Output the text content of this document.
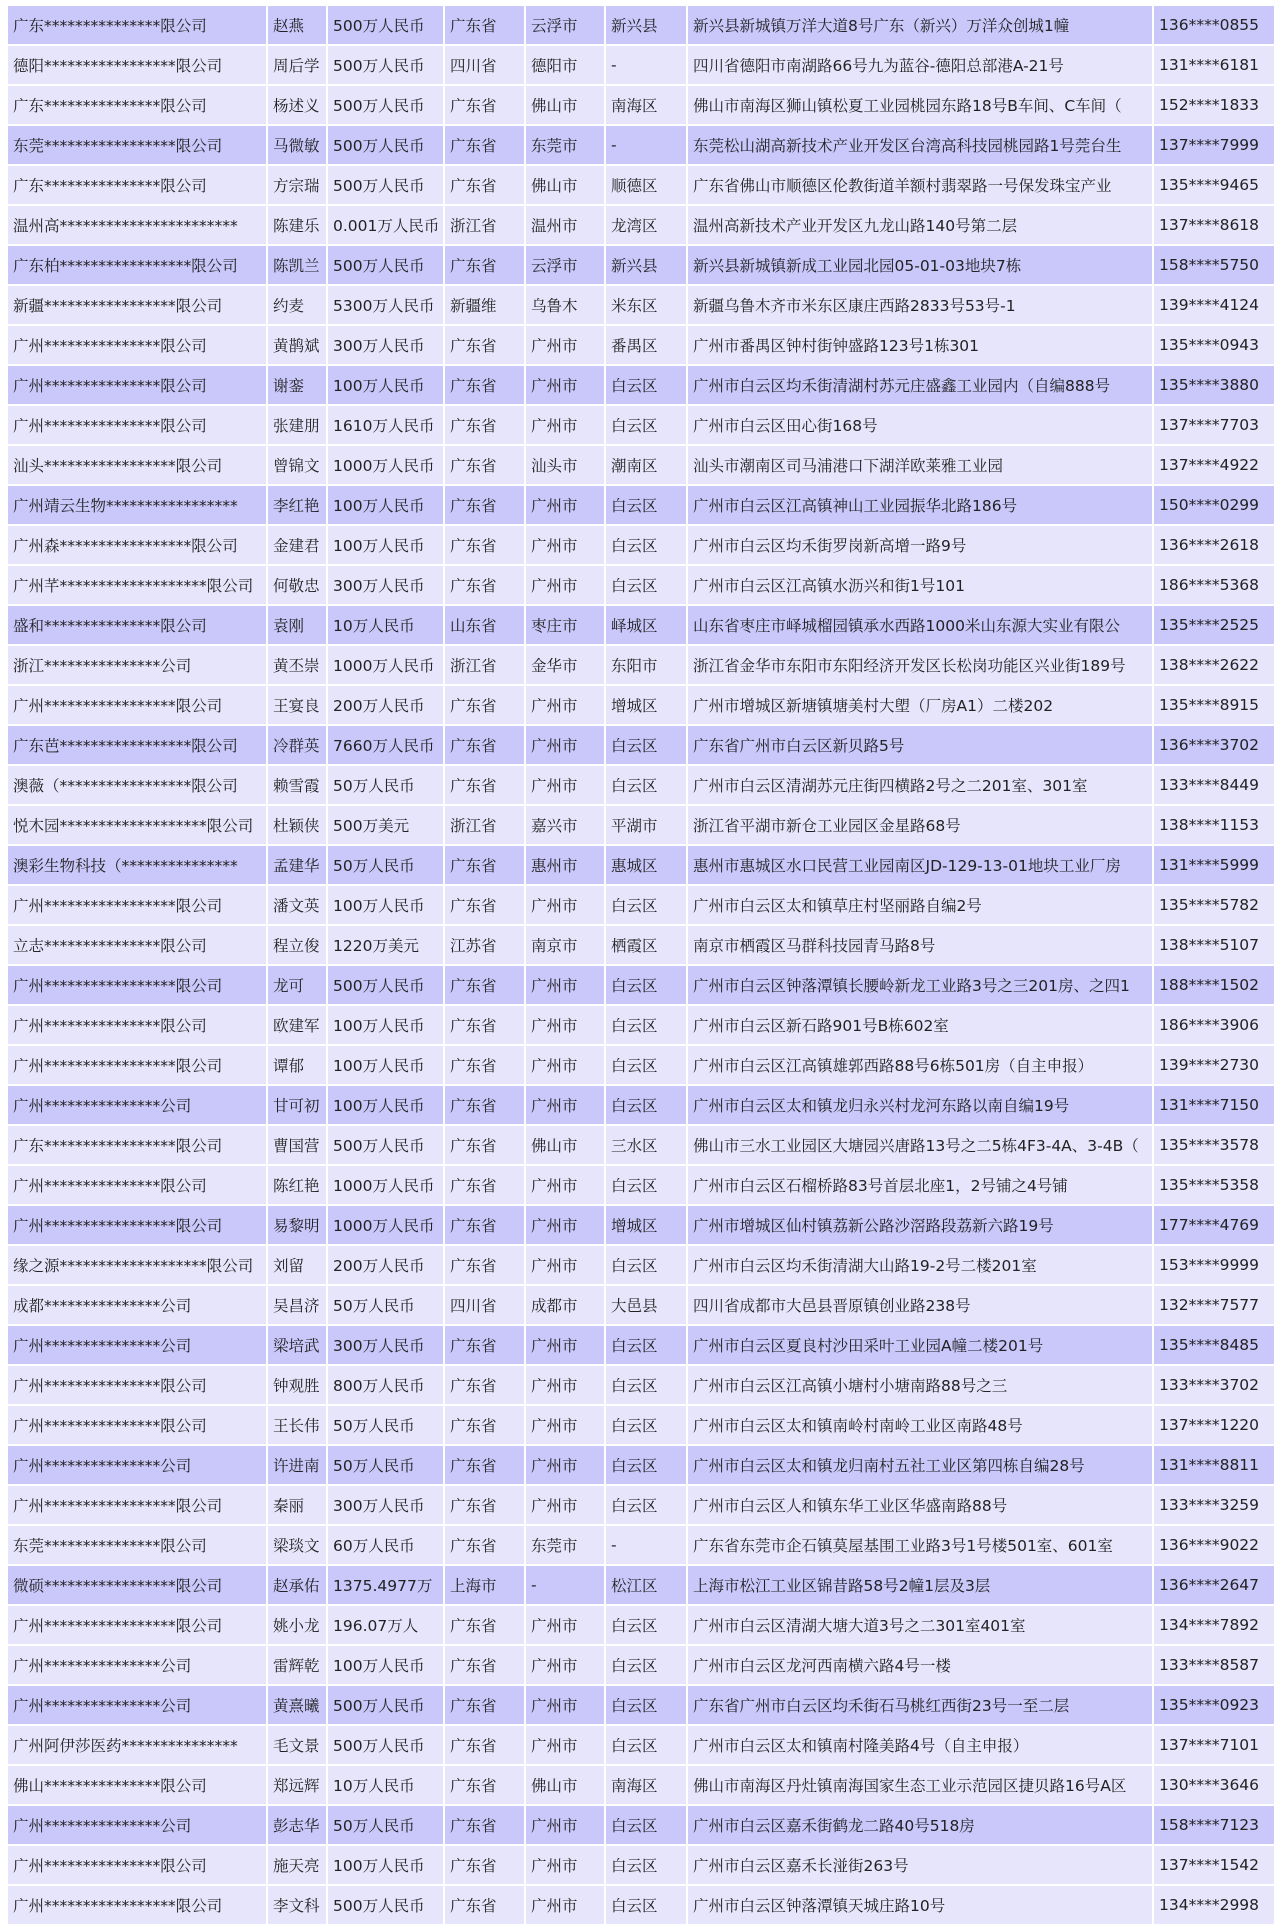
广东***************限公司	赵燕	500万人民币	广东省	云浮市	新兴县	新兴县新城镇万洋大道8号广东（新兴）万洋众创城1幢	136****0855
德阳*****************限公司	周后学	500万人民币	四川省	德阳市	-	四川省德阳市南湖路66号九为蓝谷-德阳总部港A-21号	131****6181
广东***************限公司	杨述义	500万人民币	广东省	佛山市	南海区	佛山市南海区狮山镇松夏工业园桃园东路18号B车间、C车间（	152****1833
东莞*****************限公司	马微敏	500万人民币	广东省	东莞市	-	东莞松山湖高新技术产业开发区台湾高科技园桃园路1号莞台生	137****7999
广东***************限公司	方宗瑞	500万人民币	广东省	佛山市	顺德区	广东省佛山市顺德区伦教街道羊额村翡翠路一号保发珠宝产业	135****9465
温州高***********************	陈建乐	0.001万人民币	浙江省	温州市	龙湾区	温州高新技术产业开发区九龙山路140号第二层	137****8618
广东柏*****************限公司	陈凯兰	500万人民币	广东省	云浮市	新兴县	新兴县新城镇新成工业园北园05-01-03地块7栋	158****5750
新疆*****************限公司	约麦	5300万人民币	新疆维	乌鲁木	米东区	新疆乌鲁木齐市米东区康庄西路2833号53号-1	139****4124
广州***************限公司	黄鹊斌	300万人民币	广东省	广州市	番禺区	广州市番禺区钟村街钟盛路123号1栋301	135****0943
广州***************限公司	谢銮	100万人民币	广东省	广州市	白云区	广州市白云区均禾街清湖村苏元庄盛鑫工业园内（自编888号	135****3880
广州***************限公司	张建朋	1610万人民币	广东省	广州市	白云区	广州市白云区田心街168号	137****7703
汕头*****************限公司	曾锦文	1000万人民币	广东省	汕头市	潮南区	汕头市潮南区司马浦港口下湖洋欧莱雅工业园	137****4922
广州靖云生物*****************	李红艳	100万人民币	广东省	广州市	白云区	广州市白云区江高镇神山工业园振华北路186号	150****0299
广州森*****************限公司	金建君	100万人民币	广东省	广州市	白云区	广州市白云区均禾街罗岗新高增一路9号	136****2618
广州芊*******************限公司	何敬忠	300万人民币	广东省	广州市	白云区	广州市白云区江高镇水沥兴和街1号101	186****5368
盛和***************限公司	袁刚	10万人民币	山东省	枣庄市	峄城区	山东省枣庄市峄城榴园镇承水西路1000米山东源大实业有限公	135****2525
浙江***************公司	黄丕崇	1000万人民币	浙江省	金华市	东阳市	浙江省金华市东阳市东阳经济开发区长松岗功能区兴业街189号	138****2622
广州*****************限公司	王宴良	200万人民币	广东省	广州市	增城区	广州市增城区新塘镇塘美村大塱（厂房A1）二楼202	135****8915
广东芭*****************限公司	冷群英	7660万人民币	广东省	广州市	白云区	广东省广州市白云区新贝路5号	136****3702
澳薇（*****************限公司	赖雪霞	50万人民币	广东省	广州市	白云区	广州市白云区清湖苏元庄街四横路2号之二201室、301室	133****8449
悦木园*******************限公司	杜颖侠	500万美元	浙江省	嘉兴市	平湖市	浙江省平湖市新仓工业园区金星路68号	138****1153
澳彩生物科技（***************	孟建华	50万人民币	广东省	惠州市	惠城区	惠州市惠城区水口民营工业园南区JD-129-13-01地块工业厂房	131****5999
广州*****************限公司	潘文英	100万人民币	广东省	广州市	白云区	广州市白云区太和镇草庄村坚丽路自编2号	135****5782
立志***************限公司	程立俊	1220万美元	江苏省	南京市	栖霞区	南京市栖霞区马群科技园青马路8号	138****5107
广州*****************限公司	龙可	500万人民币	广东省	广州市	白云区	广州市白云区钟落潭镇长腰岭新龙工业路3号之三201房、之四1	188****1502
广州***************限公司	欧建军	100万人民币	广东省	广州市	白云区	广州市白云区新石路901号B栋602室	186****3906
广州*****************限公司	谭郁	100万人民币	广东省	广州市	白云区	广州市白云区江高镇雄郭西路88号6栋501房（自主申报）	139****2730
广州***************公司	甘可初	100万人民币	广东省	广州市	白云区	广州市白云区太和镇龙归永兴村龙河东路以南自编19号	131****7150
广东*****************限公司	曹国营	500万人民币	广东省	佛山市	三水区	佛山市三水工业园区大塘园兴唐路13号之二5栋4F3-4A、3-4B（	135****3578
广州***************限公司	陈红艳	1000万人民币	广东省	广州市	白云区	广州市白云区石榴桥路83号首层北座1，2号铺之4号铺	135****5358
广州*****************限公司	易黎明	1000万人民币	广东省	广州市	增城区	广州市增城区仙村镇荔新公路沙滘路段荔新六路19号	177****4769
缘之源*******************限公司	刘留	200万人民币	广东省	广州市	白云区	广州市白云区均禾街清湖大山路19-2号二楼201室	153****9999
成都***************公司	吴昌济	50万人民币	四川省	成都市	大邑县	四川省成都市大邑县晋原镇创业路238号	132****7577
广州***************公司	梁培武	300万人民币	广东省	广州市	白云区	广州市白云区夏良村沙田采叶工业园A幢二楼201号	135****8485
广州***************限公司	钟观胜	800万人民币	广东省	广州市	白云区	广州市白云区江高镇小塘村小塘南路88号之三	133****3702
广州***************限公司	王长伟	50万人民币	广东省	广州市	白云区	广州市白云区太和镇南岭村南岭工业区南路48号	137****1220
广州***************公司	许进南	50万人民币	广东省	广州市	白云区	广州市白云区太和镇龙归南村五社工业区第四栋自编28号	131****8811
广州*****************限公司	秦丽	300万人民币	广东省	广州市	白云区	广州市白云区人和镇东华工业区华盛南路88号	133****3259
东莞***************限公司	梁琰文	60万人民币	广东省	东莞市	-	广东省东莞市企石镇莫屋基围工业路3号1号楼501室、601室	136****9022
微硕*****************限公司	赵承佑	1375.4977万	上海市	-	松江区	上海市松江工业区锦昔路58号2幢1层及3层	136****2647
广州*****************限公司	姚小龙	196.07万人	广东省	广州市	白云区	广州市白云区清湖大塘大道3号之二301室401室	134****7892
广州***************公司	雷辉乾	100万人民币	广东省	广州市	白云区	广州市白云区龙河西南横六路4号一楼	133****8587
广州***************公司	黄熹曦	500万人民币	广东省	广州市	白云区	广东省广州市白云区均禾街石马桃红西街23号一至二层	135****0923
广州阿伊莎医药***************	毛文景	500万人民币	广东省	广州市	白云区	广州市白云区太和镇南村隆美路4号（自主申报）	137****7101
佛山***************限公司	郑远辉	10万人民币	广东省	佛山市	南海区	佛山市南海区丹灶镇南海国家生态工业示范园区捷贝路16号A区	130****3646
广州***************公司	彭志华	50万人民币	广东省	广州市	白云区	广州市白云区嘉禾街鹤龙二路40号518房	158****7123
广州***************限公司	施天亮	100万人民币	广东省	广州市	白云区	广州市白云区嘉禾长湴街263号	137****1542
广州*****************限公司	李文科	500万人民币	广东省	广州市	白云区	广州市白云区钟落潭镇天城庄路10号	134****2998
